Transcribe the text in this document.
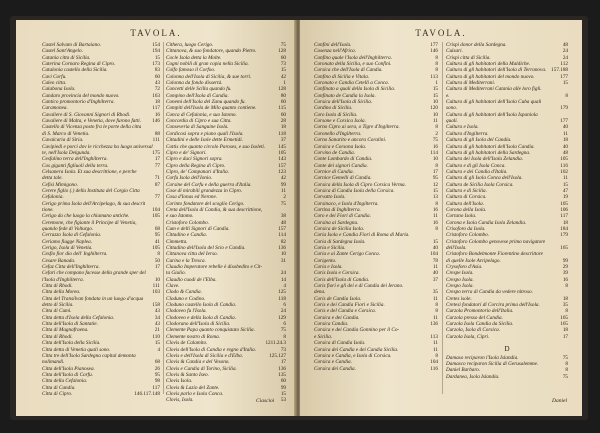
TAVOLA.
Castel Salvato di Bartaiano.	154
Castel Sant'Angelo.	194
Catania citta di Sicilia.	15
Caterina Cornaro Regina di Cipro.	173
Catalonia castello della Sicilia.	83
Cavi Corfu.	60
Caleo citta.	43
Calabona Isola.	72
Candaro provincia del mondo nuovo.	163
Cantico promontorio d'Inghilterra.	18
Caramonea.	117
Cavaliere di S. Giovanni Signori di Rhodi.	16
Cavaliere di Malta, e Venetia, dove furono fatti.	146
Castello di Vicenza posto fra le porte della citta
di S. Marco di Venetia.	88
Cavalcaria di Siria.	111
Cavipiedi e porci dov le ricchezza ha luogo universal
te, nell'Isola Delgunda.	175
Cesfalino terra dell'Inghilterra.	17
Cos giganti figliuoli della terra.	77
Celsanera Isola. Et sua descrittione, e perche
detta tale.	71
Cefisi Mimigono.	87
Cerere figlio (.) della Instituta del Corgio Citta
Cefalonia.	77
Cerigo prima Isola dell'Arcipelago, & sua descrit
tione.	104
Cerigo da che luogo la chiamano antiche.	105
Ceremone, che figiante il Principe di Venetia,
quando fede di Volturgo.	68
Cerrazzo Isola di Cefalonia.	95
Ceriamo fiugge Naplea.	41
Cerigo, Isola di Venetia.	105
Cesfio fior dio dell' Inghilterra.	8
Cesare Banada.	50
Cefaz Citta dell'Inghilterra.	17
Cefari che compano facesse della grande sper del
l'Isola d'Inghilterra.	10
Citta di Rhodi.	111
Citta della Morea.	103
Citta del Transilvan fondata in un luogo d'acqua
detto di Sicilia.	158
Citta di Cumi.	43
Citta detta d'Isola della Cefalonia.	34
Citta dell'Isola di Santatie.	43
Citta di Magnafraena.	21
Citta di Rhodi.	110
Citta dell'Isola della Sicilia.	15
Citta detta di Venetia quali sono.	4
Citta tre dell'Isola Sardegna capital demonta
nolimandi.	68
Citta dell'Isola Pianosea.	26
Citta dell'Isola di Corfu.	95
Citta della Cefalonia.	98
Citta di Candia.	117
Citta di Cipro.	146.117.148
Cithera, luogo Cerigo.	75
Cittanova, & suo fondatore, quando Pietro.	128
Cocle Isola detta la Molte.	60
Cogni nobili di gran copia nella Sicilia.	73
Colfo famoso il Corfoo.	15
Colonna dell'Isola di Sicilia, & sue torri.	42
Colonna da fondo dissertà.	1
Concetti delle Scilla quando fu.	128
Compino dell'Isola di Candia.	80
Conemi dell'Isola del Zanu quando fu.	60
Compiti dell'Isola de Milo quanto contiene.	115
Conca di Cefalonia, e suo Istomo.	60
Concordia di Cipro e sua Citta.	28
Conseveria di Sanguine Isola.	18
Cordicosi sopra e piano quali l'Isola.	118
Cittadini e delle Isole dette Ermetidi.	37
Cottis che quanto circolo Paroses, e suo Isoleti.	145
Cipro e de' Signori.	105
Cipro e duci Signori sopra.	143
Cipro della Regina di Cipro.	157
Cipro, de' Campanari d'Italia.	123
Corfu Isola dell'Ionio.	42
Corsine del Corfu e della guerra d'Italia.	99
Cose di mirabili grandezza in Cipro.	11
Cosa d'Ionas ed Nerone.	2
Corinto fondatore del scoglio Cerigo.	75
Creta dell'Isola di Candia, & sua descrittione,
e suo Istomo.	38
Cristoforo Colombo.	48
Cum e delli Signori di Candia.	157
Cittadino e Candia.	114
Cimmetta.	82
Cittadino dell'Isola del Scio e Candia.	136
Cittanova citta del Ierso.	10
Curina e la Tresca.	31
Claudio Imperatore rebelle è disobedito e Cit-
ta Giulio.	24
Claudio cuodi de l'Elba.	14
Clave.	4
Clodo & Candia.	125
Cloduno e Codino.	118
Cloduno castello Isola di Candia.	6
Clodoveo fu l'Isola.	24
Clodoveo e della Isola di Candia.	129
Clodorano dell'Isola di Sicilia.	6
Clemente Papa quanto conquistato Sicilia.	75
Clemente nostro di Roma.	8
Clovis de Calamito.	1211.24.3
Clovis dell'Isola di Candia e regno d'Italia.	73
Clovis e dell'Isola di Sicilia e d'Elba.	125.127
Clovis & Candia e del Vesono.	17
Clovis e Candia di Torino, Sicilia.	136
Clovis & Santo Iseo.	135
Clovis Isola.	60
Clovis & Lazio del Zante.	99
Clovis parlo e Isola Conca.	15
Clovis, Isola.	53
Ciascioi
TAVOLA.
Confini dell'Isola.	177
Cosenza nell'Africa.	146
Confino quale l'Isola dell'Inghilterra.	8
Coronato della Sicilia, e suo Confini.	8
Corsica che dell'Isola di Candia.	8
Confino di Sicilia e Vitala.	113
Coronato e Candia Cetelli a Conca.	1
Confinato a quali della Isola di Sicilia.	15
Confinato de Candia la Isola.	15
Corsica dell'Isola di Sicilia.	10
Cordino di Sicilia.	120
Coro Isola di Sicilia.	10
Corsone e Corsica Isola.	11
Corno Cipro ai sera, o Tigre d'Ingilterra.	8
Coronello d'Ingilterra.	2
Corno Sanarito e ancora Coralini.	75
Corsica e Corsona Isola.	16
Corvino de Candia.	114
Conte Lombardo di Candia.	10
Conte dei signori Candia.	8
Cornice di Candia.	17
Cornice Gemelli di Candia.	95
Corsica della Isola di Cipro Corsica Verma.	12
Corsica di Candia Isola della Corsica.	15
Corvatto Isola.	13
Corsinaco, e Isola d'Ingilterra.	8
Cortina di Inghilterra.	16
Coro e dei Fiori di Candia.	11
Corsina ai Sardegna.	16
Corsica de Sicilia Isola.	8
Coria Isola e Candia Fiori di Roma di Maria.
Coria di Sardegna Isola.	15
Coria e Sicilia.	40
Coria e ai Zante Cerigo Conca.	104
Corigento.	78
Coria e Isola.	11
Coris Isola e Corsica.	40
Coris dell'Isola di Candia.	37
Coris fiori e gli dei e di Candia dei Ierano.
dena.	35
Coris de Candia Isola.	11
Coris e dei Candia Fiori e Sicilia.	8
Coris e del Candia e Corsica.	8
Corsica e dei Candia.	11
Corsica Candia.	136
Corsica e dei Candia Gonnino per il Co-
e Sicilia.	113
Corsica di Candia Isola.	11
Corsica dei Candia e dei Candia Sicilia.	11
Corsica e Candia, e Isola di Corsica.	8
Corsica e Candia.	104
Corsica dei Candia.	116
Crispi donor della Sardegna.	48
Culsari.	24
Crispi citta di Sicilia.	24
Cultura di gli habitatori della Maldiche.	112
Cultura di gli habitatori dell'Isola di Terranova. 157.188
Cultura di gli habitatori del mondo nuovo.	177
Cultura di Mediterrani.	15
Cultura di Mediterrani Catania alle loro figli.
e.	8
Cultura di gli habitatori dell'Isola Cuba quali
sono.	179
Cultura di gli habitatori dell'Isola Ispaniola
quali.	177
Cultura e Isola.	40
Cultura d'Ingilterra.	11
Cultura di gli Isola del Candia.	18
Cultura di gli habitatori dell'Isola Candia.	40
Cultura di gli habitatori della Sardegna.	48
Cultura dei Isola dell'Isola Zelandia.	105
Cultura e di gli Isola Conca.	116
Cultura e dei Candia d'Italia.	102
Cultura di gli Isola Conca dell'Isola.	11
Cultura de Sicilia Isola Corsica.	15
Cultura e di Sicilia.	47
Cultura di Corsica.	19
Cultura dell'Isola.	105
Corona della Isola.	106
Cortano Isola.	117
Corona e Isola Candia Isola Zelandia.	18
Crisoforo da Isola.	184
Cristoforo Colombo.	179
Cristoforo Colombo genovese primo navigatore
dell'Isola.	165
Cristoforo Bondelmonte Fiorentino descrittore
di quelle Isole Arcipelago.	99
Crysoforo d'Asia.	29
Crespe Isola.	39
Crespo Isola.	16
Crespo Isola.	8
Crespo terra di Candia da vedere nitroso.
Cretes isole.	18
Cretesi fondatori di Corcira prima dell'Isola.	35
Curzola Promontorio dell'Italia.	8
Curzola presso del Candia.	165
Curzola Isola Candia da Sicilia.	165
Curzola, Isola di Corsica.	18
Curzola Isola, Cipri.	17
D
Damaso reciparon l'Isola Islandia.	75
Damasco reciparon Sicilia di Gerusalemme.	8
Daniel Barbaro.	8
Dardanea, Isola Islandia.	75
Daniel
